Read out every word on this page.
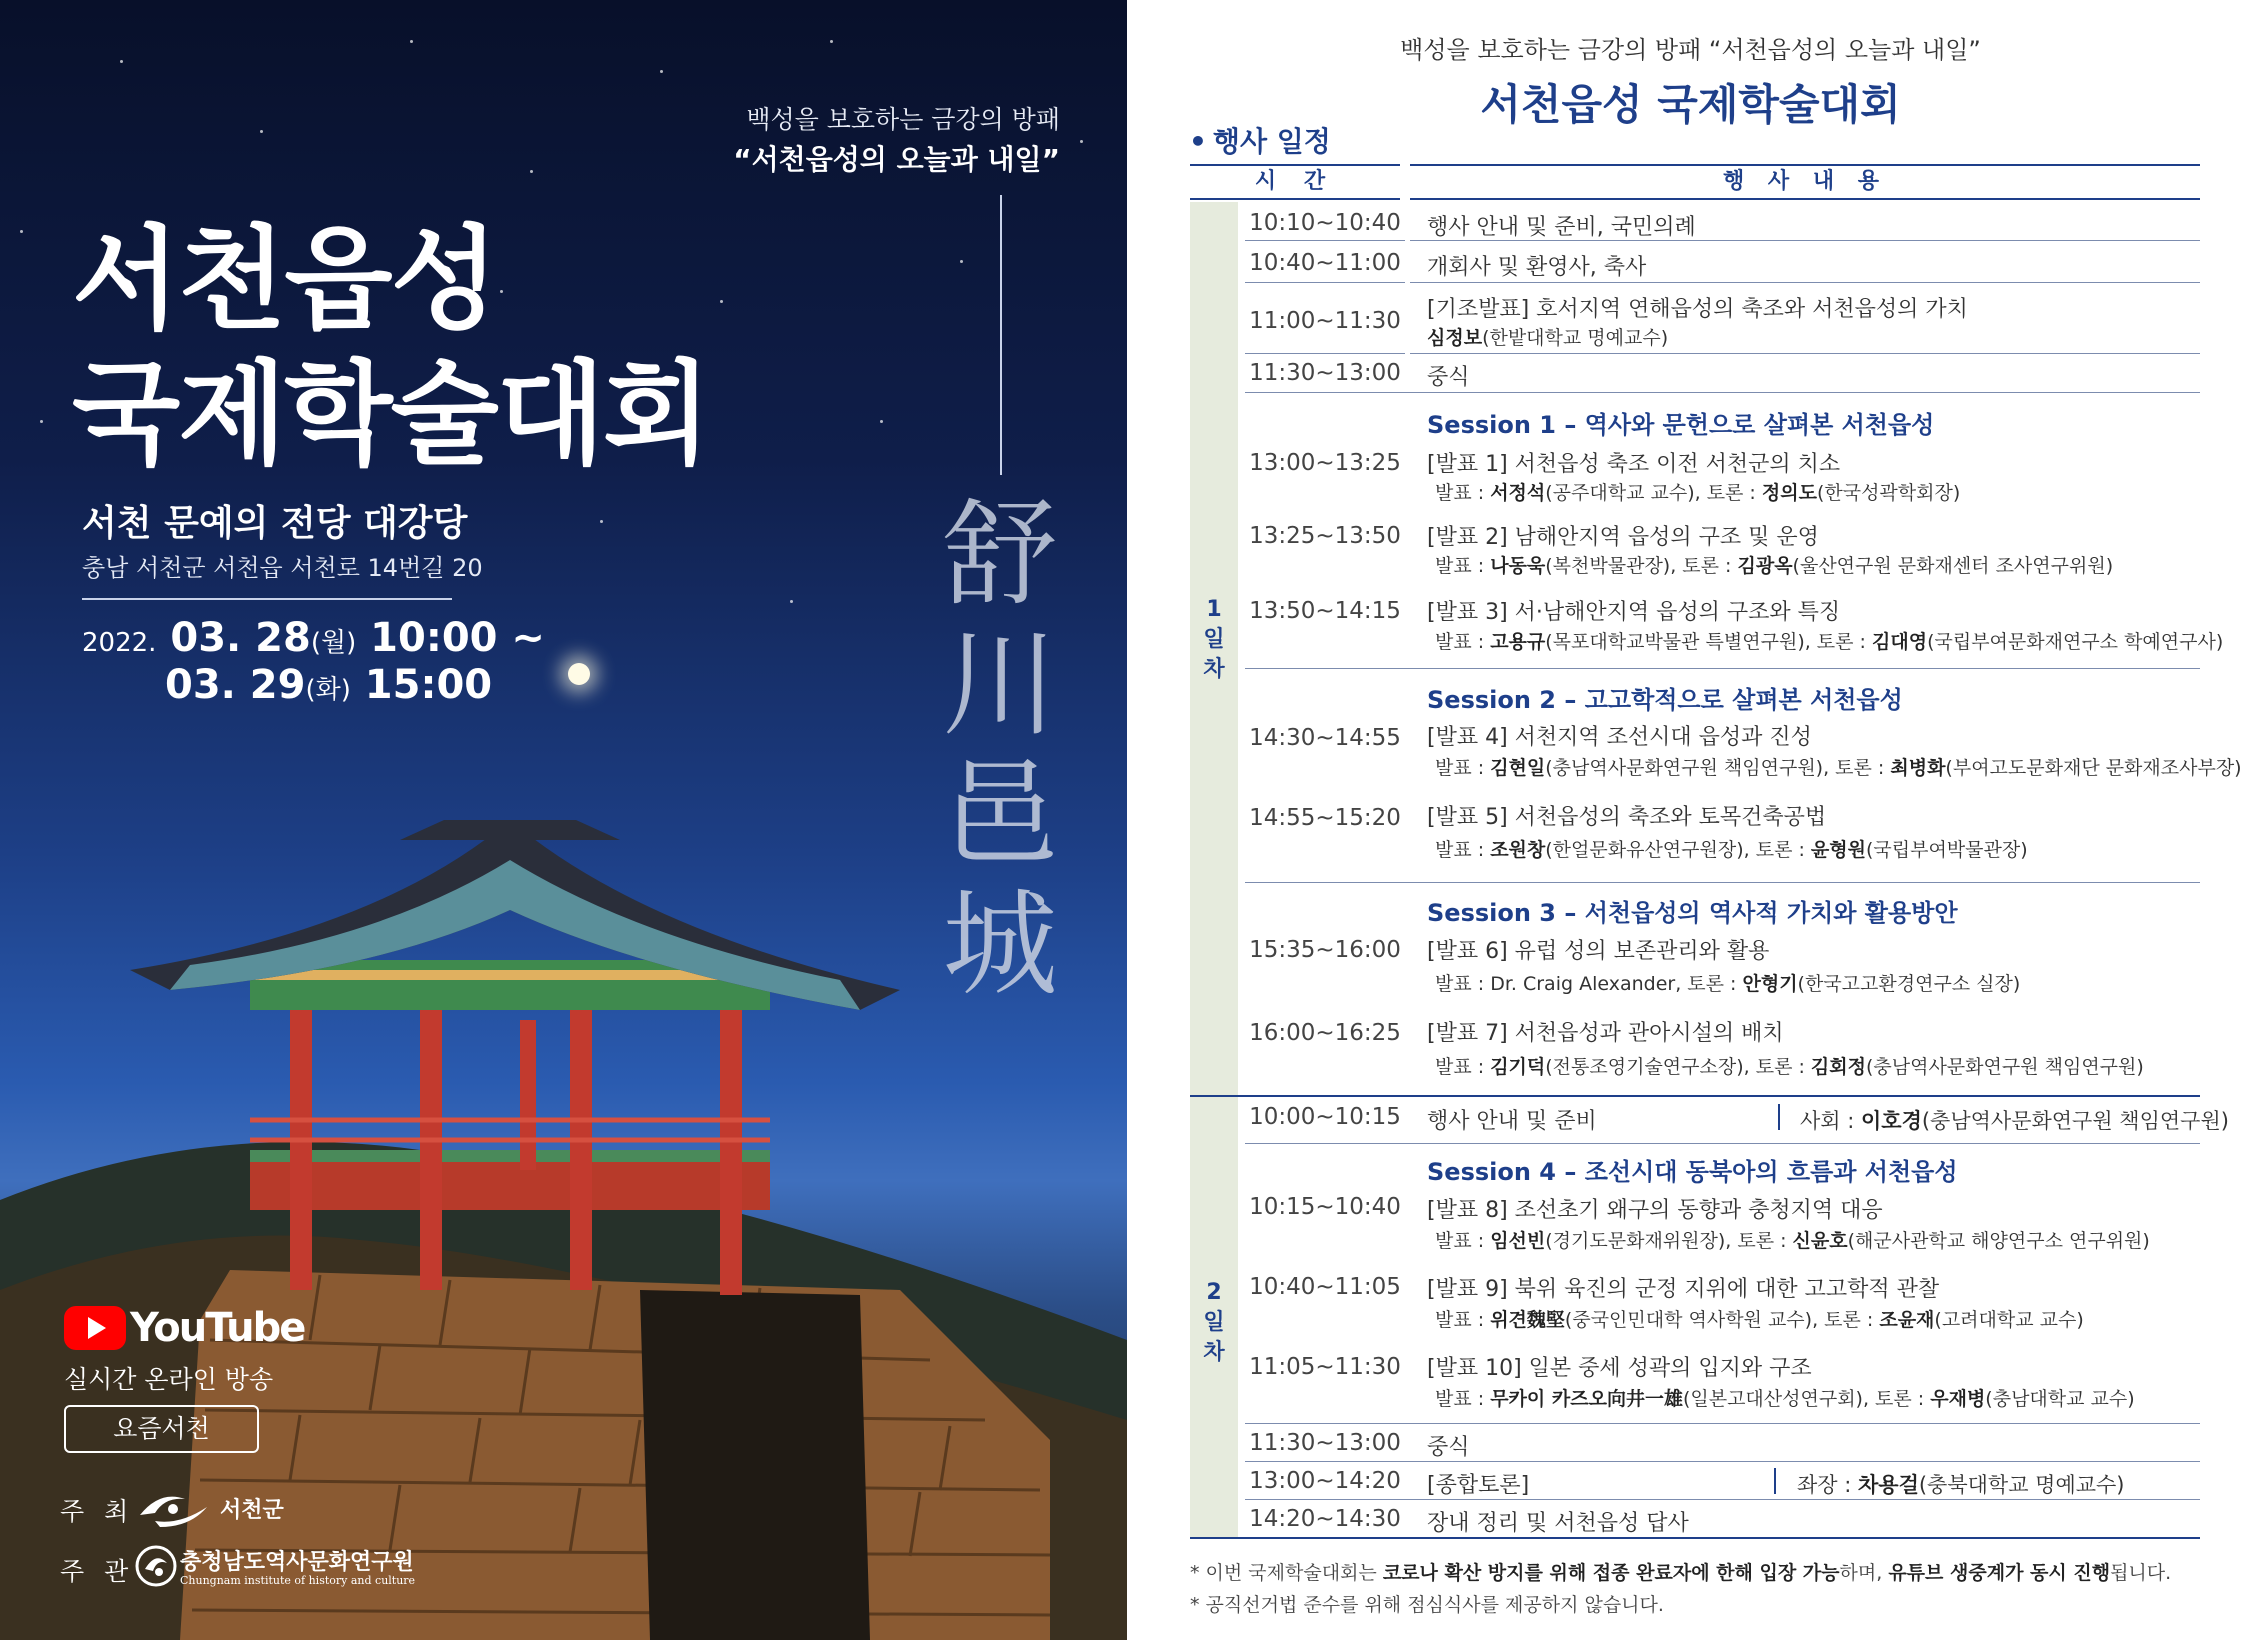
백성을 보호하는 금강의 방패
“서천읍성의 오늘과 내일”
舒
川
邑
城
서천읍성
국제학술대회
서천 문예의 전당 대강당
충남 서천군 서천읍 서천로 14번길 20
2022. 03. 28(월) 10:00 ~
03. 29(화) 15:00
YouTube
실시간 온라인 방송
요즘서천
주 최	서천군
주 관 충청남도역사문화연구원
Chungnam institute of history and culture
백성을 보호하는 금강의 방패 “서천읍성의 오늘과 내일”
서천읍성 국제학술대회
• 행사 일정
시 간	행 사 내 용
1
일
차
2
일
차
10:10~10:40 행사 안내 및 준비, 국민의례
10:40~11:00 개회사 및 환영사, 축사
11:00~11:30 [기조발표] 호서지역 연해읍성의 축조와 서천읍성의 가치
심정보(한밭대학교 명예교수)
11:30~13:00 중식
Session 1 – 역사와 문헌으로 살펴본 서천읍성
13:00~13:25 [발표 1] 서천읍성 축조 이전 서천군의 치소
발표 : 서정석(공주대학교 교수), 토론 : 정의도(한국성곽학회장)
13:25~13:50 [발표 2] 남해안지역 읍성의 구조 및 운영
발표 : 나동욱(복천박물관장), 토론 : 김광옥(울산연구원 문화재센터 조사연구위원)
13:50~14:15 [발표 3] 서·남해안지역 읍성의 구조와 특징
발표 : 고용규(목포대학교박물관 특별연구원), 토론 : 김대영(국립부여문화재연구소 학예연구사)
Session 2 – 고고학적으로 살펴본 서천읍성
14:30~14:55 [발표 4] 서천지역 조선시대 읍성과 진성
발표 : 김현일(충남역사문화연구원 책임연구원), 토론 : 최병화(부여고도문화재단 문화재조사부장)
14:55~15:20 [발표 5] 서천읍성의 축조와 토목건축공법
발표 : 조원창(한얼문화유산연구원장), 토론 : 윤형원(국립부여박물관장)
Session 3 – 서천읍성의 역사적 가치와 활용방안
15:35~16:00 [발표 6] 유럽 성의 보존관리와 활용
발표 : Dr. Craig Alexander, 토론 : 안형기(한국고고환경연구소 실장)
16:00~16:25 [발표 7] 서천읍성과 관아시설의 배치
발표 : 김기덕(전통조영기술연구소장), 토론 : 김회정(충남역사문화연구원 책임연구원)
10:00~10:15 행사 안내 및 준비	사회 : 이호경(충남역사문화연구원 책임연구원)
Session 4 – 조선시대 동북아의 흐름과 서천읍성
10:15~10:40 [발표 8] 조선초기 왜구의 동향과 충청지역 대응
발표 : 임선빈(경기도문화재위원장), 토론 : 신윤호(해군사관학교 해양연구소 연구위원)
10:40~11:05 [발표 9] 북위 육진의 군정 지위에 대한 고고학적 관찰
발표 : 위견魏堅(중국인민대학 역사학원 교수), 토론 : 조윤재(고려대학교 교수)
11:05~11:30 [발표 10] 일본 중세 성곽의 입지와 구조
발표 : 무카이 카즈오向井一雄(일본고대산성연구회), 토론 : 우재병(충남대학교 교수)
11:30~13:00 중식
13:00~14:20 [종합토론]	좌장 : 차용걸(충북대학교 명예교수)
14:20~14:30 장내 정리 및 서천읍성 답사
* 이번 국제학술대회는 코로나 확산 방지를 위해 접종 완료자에 한해 입장 가능하며, 유튜브 생중계가 동시 진행됩니다.
* 공직선거법 준수를 위해 점심식사를 제공하지 않습니다.
